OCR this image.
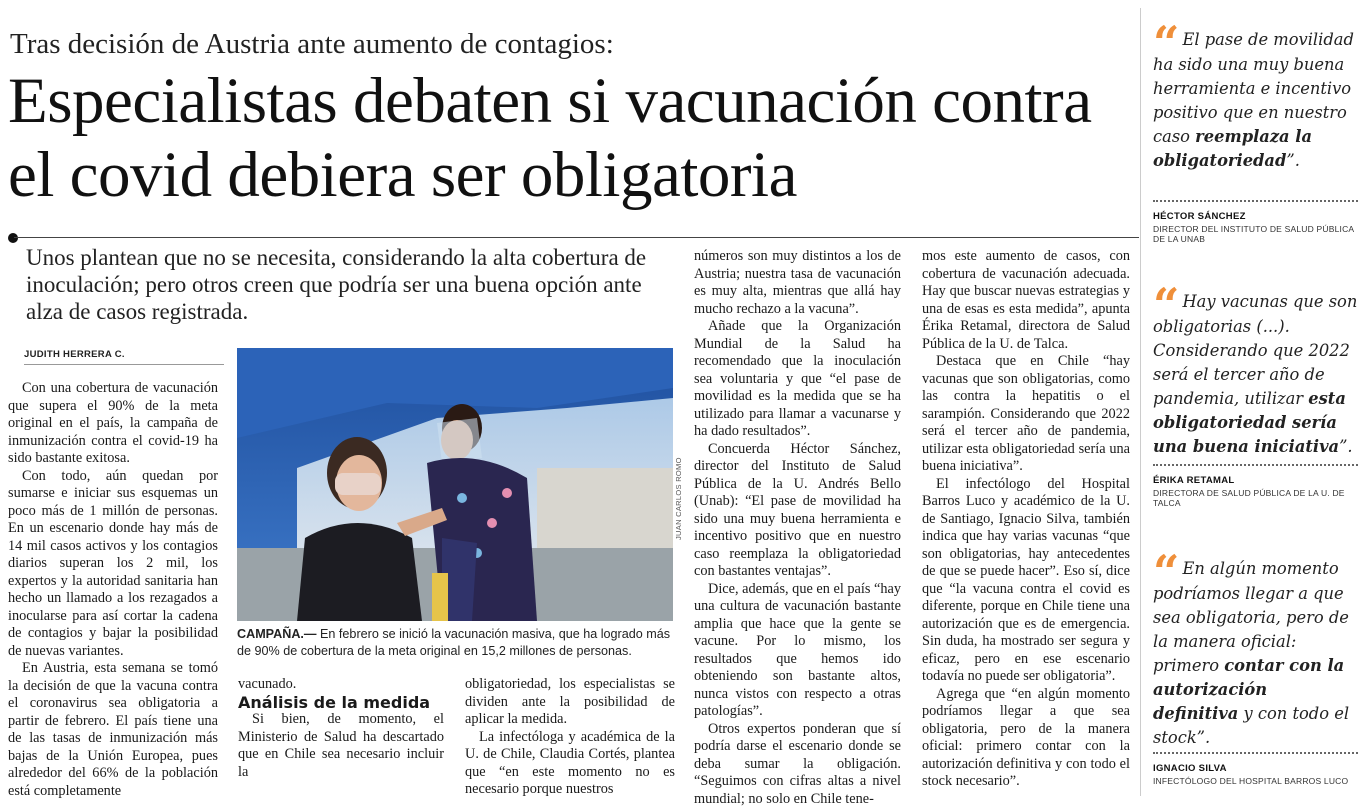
Tras decisión de Austria ante aumento de contagios:
Especialistas debaten si vacunación contra el covid debiera ser obligatoria
Unos plantean que no se necesita, considerando la alta cobertura de inoculación; pero otros creen que podría ser una buena opción ante alza de casos registrada.
JUDITH HERRERA C.

Con una cobertura de vacunación que supera el 90% de la meta original en el país, la campaña de inmunización contra el covid-19 ha sido bastante exitosa.

Con todo, aún quedan por sumarse e iniciar sus esquemas un poco más de 1 millón de personas. En un escenario donde hay más de 14 mil casos activos y los contagios diarios superan los 2 mil, los expertos y la autoridad sanitaria han hecho un llamado a los rezagados a inocularse para así cortar la cadena de contagios y bajar la posibilidad de nuevas variantes.

En Austria, esta semana se tomó la decisión de que la vacuna contra el coronavirus sea obligatoria a partir de febrero. El país tiene una de las tasas de inmunización más bajas de la Unión Europea, pues alrededor del 66% de la población está completamente

JUAN CARLOS ROMO
CAMPAÑA.— En febrero se inició la vacunación masiva, que ha logrado más de 90% de cobertura de la meta original en 15,2 millones de personas.

vacunado.

Análisis de la medida

Si bien, de momento, el Ministerio de Salud ha descartado que en Chile sea necesario incluir la

obligatoriedad, los especialistas se dividen ante la posibilidad de aplicar la medida.

La infectóloga y académica de la U. de Chile, Claudia Cortés, plantea que “en este momento no es necesario porque nuestros

números son muy distintos a los de Austria; nuestra tasa de vacunación es muy alta, mientras que allá hay mucho rechazo a la vacuna”.

Añade que la Organización Mundial de la Salud ha recomendado que la inoculación sea voluntaria y que “el pase de movilidad es la medida que se ha utilizado para llamar a vacunarse y ha dado resultados”.

Concuerda Héctor Sánchez, director del Instituto de Salud Pública de la U. Andrés Bello (Unab): “El pase de movilidad ha sido una muy buena herramienta e incentivo positivo que en nuestro caso reemplaza la obligatoriedad con bastantes ventajas”.

Dice, además, que en el país “hay una cultura de vacunación bastante amplia que hace que la gente se vacune. Por lo mismo, los resultados que hemos ido obteniendo son bastante altos, nunca vistos con respecto a otras patologías”.

Otros expertos ponderan que sí podría darse el escenario donde se deba sumar la obligación. “Seguimos con cifras altas a nivel mundial; no solo en Chile tene-

mos este aumento de casos, con cobertura de vacunación adecuada. Hay que buscar nuevas estrategias y una de esas es esta medida”, apunta Érika Retamal, directora de Salud Pública de la U. de Talca.

Destaca que en Chile “hay vacunas que son obligatorias, como las contra la hepatitis o el sarampión. Considerando que 2022 será el tercer año de pandemia, utilizar esta obligatoriedad sería una buena iniciativa”.

El infectólogo del Hospital Barros Luco y académico de la U. de Santiago, Ignacio Silva, también indica que hay varias vacunas “que son obligatorias, hay antecedentes de que se puede hacer”. Eso sí, dice que “la vacuna contra el covid es diferente, porque en Chile tiene una autorización que es de emergencia. Sin duda, ha mostrado ser segura y eficaz, pero en ese escenario todavía no puede ser obligatoria”.

Agrega que “en algún momento podríamos llegar a que sea obligatoria, pero de la manera oficial: primero contar con la autorización definitiva y con todo el stock necesario”.

“ El pase de movilidad ha sido una muy buena herramienta e incentivo positivo que en nuestro caso reemplaza la obligatoriedad”.
HÉCTOR SÁNCHEZ
DIRECTOR DEL INSTITUTO DE SALUD PÚBLICA DE LA UNAB
“ Hay vacunas que son obligatorias (...). Considerando que 2022 será el tercer año de pandemia, utilizar esta obligatoriedad sería una buena iniciativa”.
ÉRIKA RETAMAL
DIRECTORA DE SALUD PÚBLICA DE LA U. DE TALCA
“ En algún momento podríamos llegar a que sea obligatoria, pero de la manera oficial: primero contar con la autorización definitiva y con todo el stock”.
IGNACIO SILVA
INFECTÓLOGO DEL HOSPITAL BARROS LUCO
